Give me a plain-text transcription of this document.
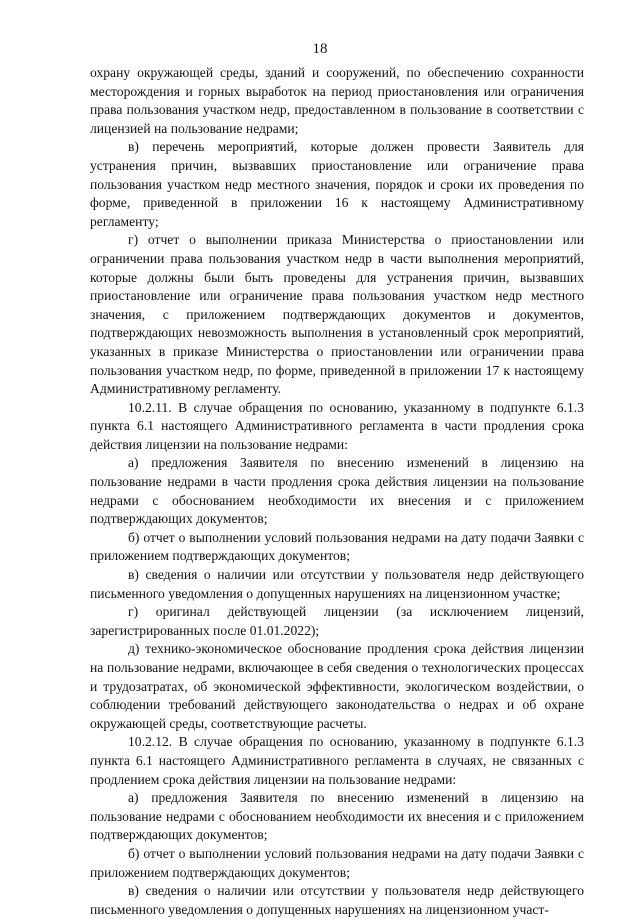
18

охрану окружающей среды, зданий и сооружений, по обеспечению сохранности месторождения и горных выработок на период приостановления или ограничения права пользования участком недр, предоставленном в пользование в соответствии с лицензией на пользование недрами;

в) перечень мероприятий, которые должен провести Заявитель для устранения причин, вызвавших приостановление или ограничение права пользования участком недр местного значения, порядок и сроки их проведения по форме, приведенной в приложении 16 к настоящему Административному регламенту;

г) отчет о выполнении приказа Министерства о приостановлении или ограничении права пользования участком недр в части выполнения мероприятий, которые должны были быть проведены для устранения причин, вызвавших приостановление или ограничение права пользования участком недр местного значения, с приложением подтверждающих документов и документов, подтверждающих невозможность выполнения в установленный срок мероприятий, указанных в приказе Министерства о приостановлении или ограничении права пользования участком недр, по форме, приведенной в приложении 17 к настоящему Административному регламенту.

10.2.11. В случае обращения по основанию, указанному в подпункте 6.1.3 пункта 6.1 настоящего Административного регламента в части продления срока действия лицензии на пользование недрами:

а) предложения Заявителя по внесению изменений в лицензию на пользование недрами в части продления срока действия лицензии на пользование недрами с обоснованием необходимости их внесения и с приложением подтверждающих документов;

б) отчет о выполнении условий пользования недрами на дату подачи Заявки с приложением подтверждающих документов;

в) сведения о наличии или отсутствии у пользователя недр действующего письменного уведомления о допущенных нарушениях на лицензионном участке;

г) оригинал действующей лицензии (за исключением лицензий, зарегистрированных после 01.01.2022);

д) технико-экономическое обоснование продления срока действия лицензии на пользование недрами, включающее в себя сведения о технологических процессах и трудозатратах, об экономической эффективности, экологическом воздействии, о соблюдении требований действующего законодательства о недрах и об охране окружающей среды, соответствующие расчеты.

10.2.12. В случае обращения по основанию, указанному в подпункте 6.1.3 пункта 6.1 настоящего Административного регламента в случаях, не связанных с продлением срока действия лицензии на пользование недрами:

а) предложения Заявителя по внесению изменений в лицензию на пользование недрами с обоснованием необходимости их внесения и с приложением подтверждающих документов;

б) отчет о выполнении условий пользования недрами на дату подачи Заявки с приложением подтверждающих документов;

в) сведения о наличии или отсутствии у пользователя недр действующего письменного уведомления о допущенных нарушениях на лицензионном участ-
